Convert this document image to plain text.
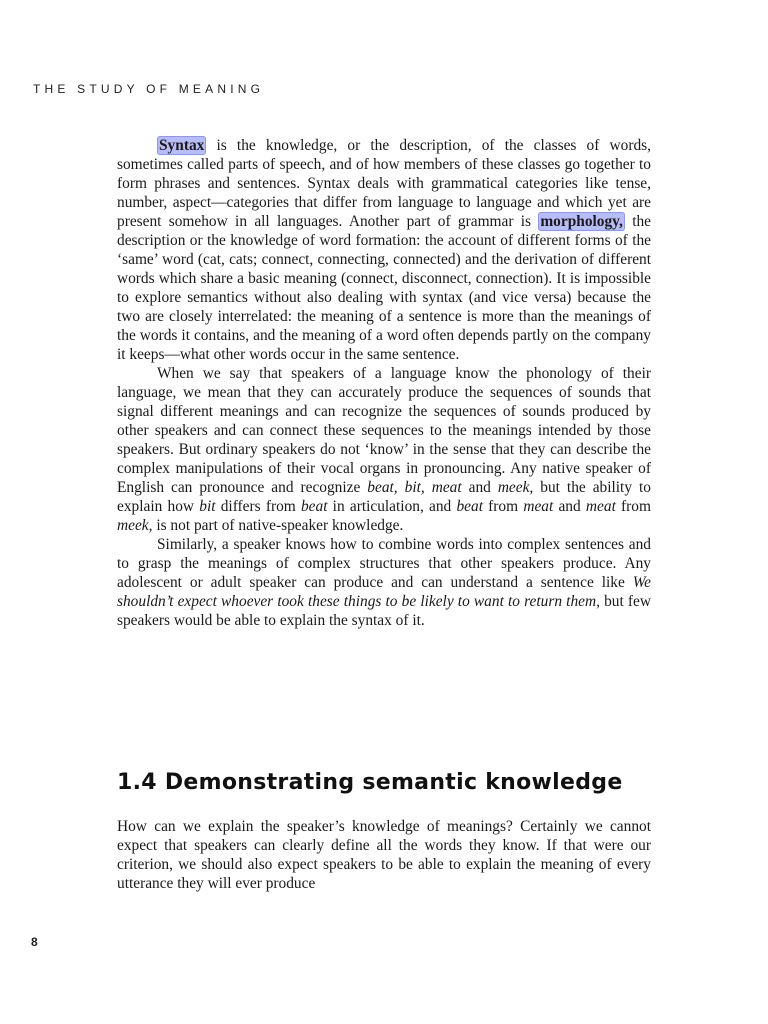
THE STUDY OF MEANING

Syntax is the knowledge, or the description, of the classes of words, sometimes called parts of speech, and of how members of these classes go together to form phrases and sentences. Syntax deals with grammatical categories like tense, number, aspect—categories that differ from language to language and which yet are present somehow in all languages. Another part of grammar is morphology, the description or the knowledge of word formation: the account of different forms of the ‘same’ word (cat, cats; connect, connecting, connected) and the derivation of different words which share a basic meaning (connect, disconnect, connection). It is impossible to explore semantics without also dealing with syntax (and vice versa) because the two are closely interrelated: the meaning of a sentence is more than the meanings of the words it contains, and the meaning of a word often depends partly on the company it keeps—what other words occur in the same sentence.

When we say that speakers of a language know the phonology of their language, we mean that they can accurately produce the sequences of sounds that signal different meanings and can recognize the sequences of sounds produced by other speakers and can connect these sequences to the meanings intended by those speakers. But ordinary speakers do not ‘know’ in the sense that they can describe the complex manipulations of their vocal organs in pronouncing. Any native speaker of English can pronounce and recognize beat, bit, meat and meek, but the ability to explain how bit differs from beat in articulation, and beat from meat and meat from meek, is not part of native-speaker knowledge.

Similarly, a speaker knows how to combine words into complex sentences and to grasp the meanings of complex structures that other speakers produce. Any adolescent or adult speaker can produce and can understand a sentence like We shouldn’t expect whoever took these things to be likely to want to return them, but few speakers would be able to explain the syntax of it.

1.4 Demonstrating semantic knowledge

How can we explain the speaker’s knowledge of meanings? Certainly we cannot expect that speakers can clearly define all the words they know. If that were our criterion, we should also expect speakers to be able to explain the meaning of every utterance they will ever produce

8
